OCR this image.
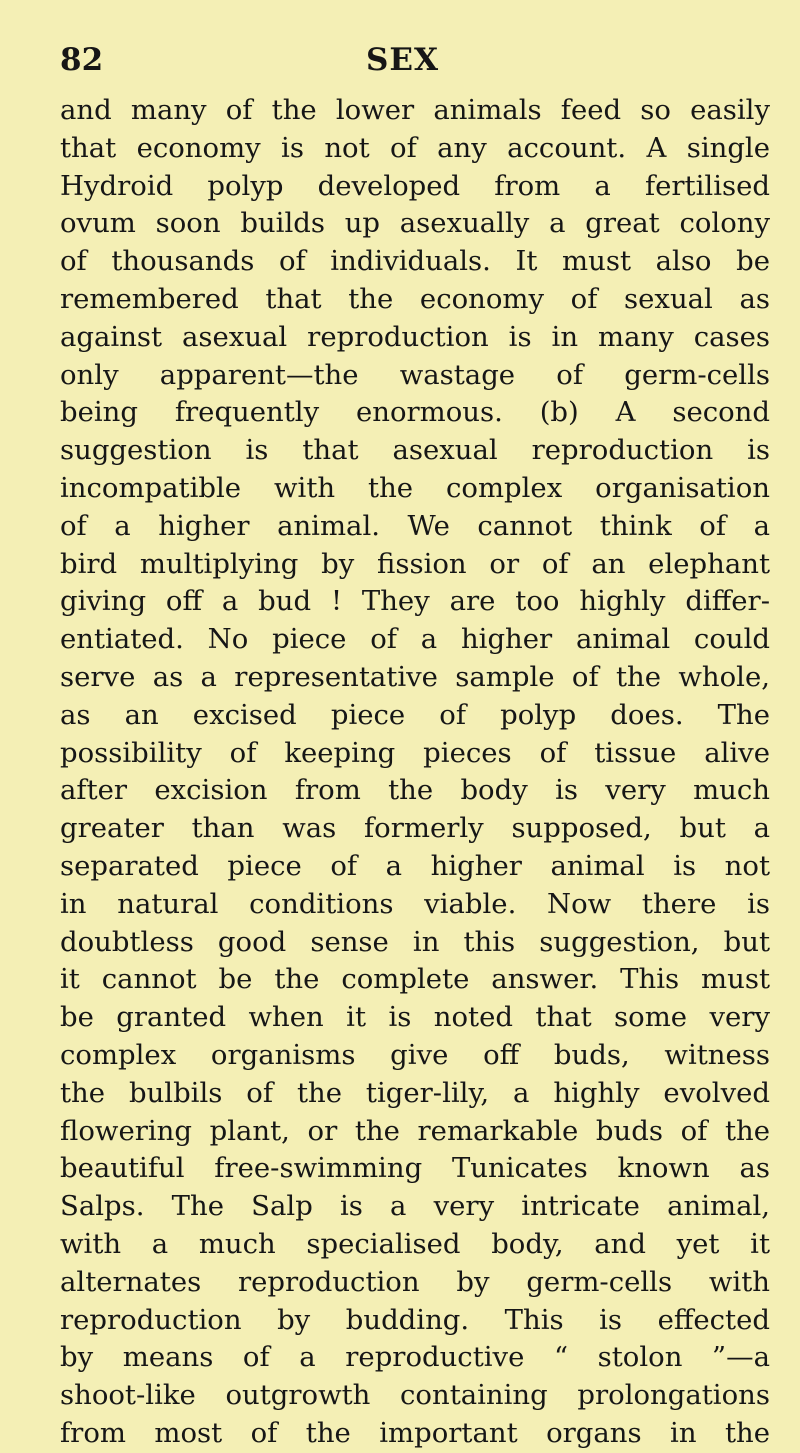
82	SEX
and many of the lower animals feed so easily
that economy is not of any account. A single
Hydroid polyp developed from a fertilised
ovum soon builds up asexually a great colony
of thousands of individuals. It must also be
remembered that the economy of sexual as
against asexual reproduction is in many cases
only apparent—the wastage of germ-cells
being frequently enormous. (b) A second
suggestion is that asexual reproduction is
incompatible with the complex organisation
of a higher animal. We cannot think of a
bird multiplying by fission or of an elephant
giving off a bud ! They are too highly differ-
entiated. No piece of a higher animal could
serve as a representative sample of the whole,
as an excised piece of polyp does. The
possibility of keeping pieces of tissue alive
after excision from the body is very much
greater than was formerly supposed, but a
separated piece of a higher animal is not
in natural conditions viable. Now there is
doubtless good sense in this suggestion, but
it cannot be the complete answer. This must
be granted when it is noted that some very
complex organisms give off buds, witness
the bulbils of the tiger-lily, a highly evolved
flowering plant, or the remarkable buds of the
beautiful free-swimming Tunicates known as
Salps. The Salp is a very intricate animal,
with a much specialised body, and yet it
alternates reproduction by germ-cells with
reproduction by budding. This is effected
by means of a reproductive “ stolon ”—a
shoot-like outgrowth containing prolongations
from most of the important organs in the
